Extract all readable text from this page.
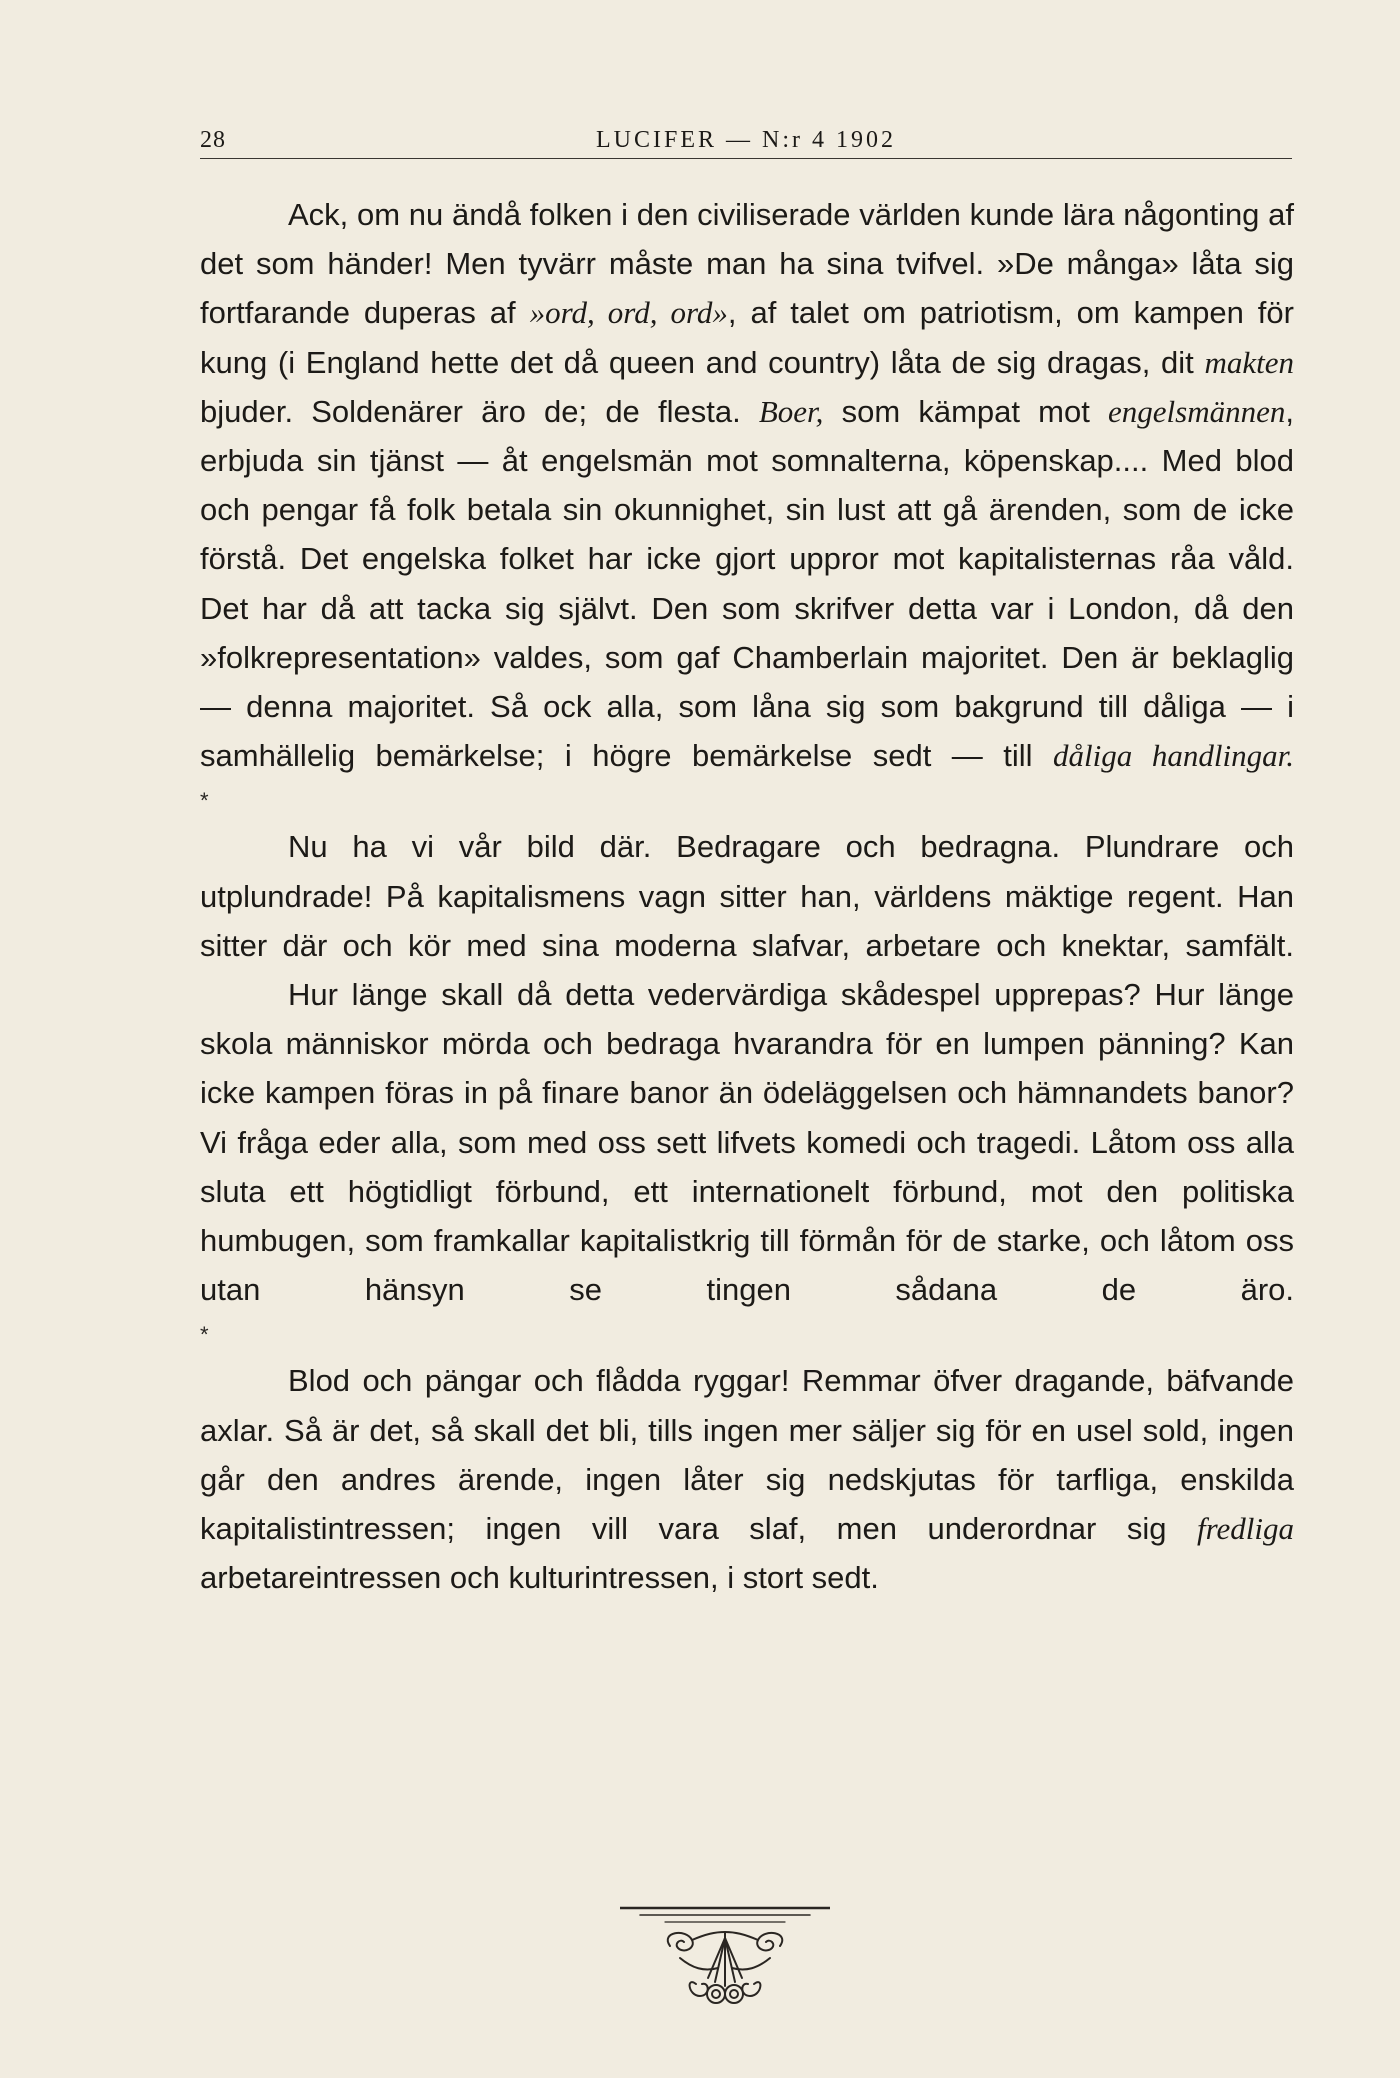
28	LUCIFER — N:r 4 1902

Ack, om nu ändå folken i den civiliserade världen kunde lära någonting af det som händer! Men tyvärr måste man ha sina tvifvel. »De många» låta sig fortfarande duperas af »ord, ord, ord», af talet om patriotism, om kampen för kung (i England hette det då queen and country) låta de sig dragas, dit makten bjuder. Soldenärer äro de; de flesta. Boer, som kämpat mot engelsmännen, erbjuda sin tjänst — åt engelsmän mot somnalterna, köpenskap.... Med blod och pengar få folk betala sin okunnighet, sin lust att gå ärenden, som de icke förstå. Det engelska folket har icke gjort uppror mot kapitalisternas råa våld. Det har då att tacka sig självt. Den som skrifver detta var i London, då den »folkrepresentation» valdes, som gaf Chamberlain majoritet. Den är beklaglig — denna majoritet. Så ock alla, som låna sig som bakgrund till dåliga — i samhällelig bemärkelse; i högre bemärkelse sedt — till dåliga handlingar.

*

Nu ha vi vår bild där. Bedragare och bedragna. Plundrare och utplundrade! På kapitalismens vagn sitter han, världens mäktige regent. Han sitter där och kör med sina moderna slafvar, arbetare och knektar, samfält.

Hur länge skall då detta vedervärdiga skådespel upprepas? Hur länge skola människor mörda och bedraga hvarandra för en lumpen pänning? Kan icke kampen föras in på finare banor än ödeläggelsen och hämnandets banor? Vi fråga eder alla, som med oss sett lifvets komedi och tragedi. Låtom oss alla sluta ett högtidligt förbund, ett internationelt förbund, mot den politiska humbugen, som framkallar kapitalistkrig till förmån för de starke, och låtom oss utan hänsyn se tingen sådana de äro.

*

Blod och pängar och flådda ryggar! Remmar öfver dragande, bäfvande axlar. Så är det, så skall det bli, tills ingen mer säljer sig för en usel sold, ingen går den andres ärende, ingen låter sig nedskjutas för tarfliga, enskilda kapitalistintressen; ingen vill vara slaf, men underordnar sig fredliga arbetareintressen och kulturintressen, i stort sedt.
